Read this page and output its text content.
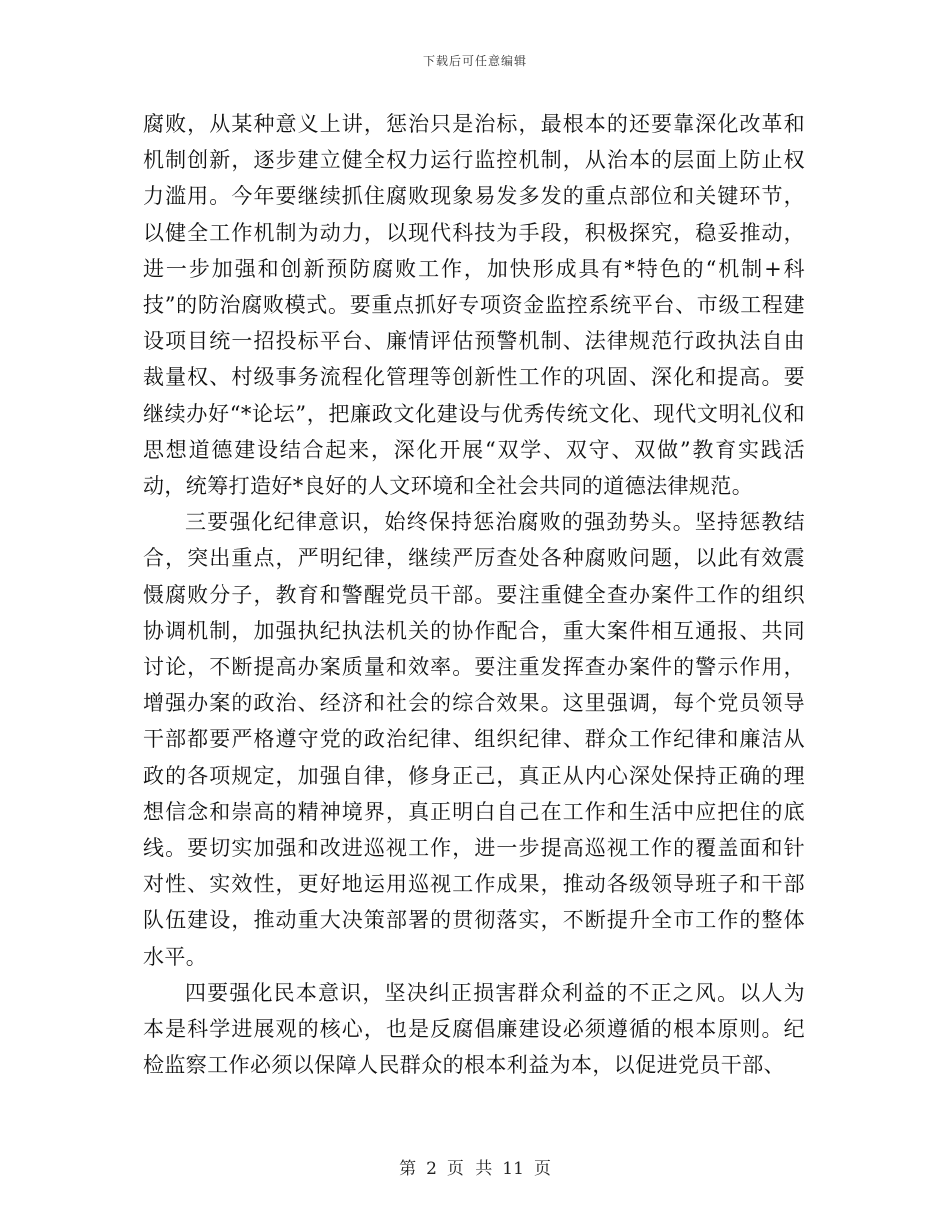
下载后可任意编辑

腐败，从某种意义上讲，惩治只是治标，最根本的还要靠深化改革和机制创新，逐步建立健全权力运行监控机制，从治本的层面上防止权力滥用。今年要继续抓住腐败现象易发多发的重点部位和关键环节，以健全工作机制为动力，以现代科技为手段，积极探究，稳妥推动，进一步加强和创新预防腐败工作，加快形成具有*特色的“机制+科技”的防治腐败模式。要重点抓好专项资金监控系统平台、市级工程建设项目统一招投标平台、廉情评估预警机制、法律规范行政执法自由裁量权、村级事务流程化管理等创新性工作的巩固、深化和提高。要继续办好“*论坛”，把廉政文化建设与优秀传统文化、现代文明礼仪和思想道德建设结合起来，深化开展“双学、双守、双做”教育实践活动，统筹打造好*良好的人文环境和全社会共同的道德法律规范。

三要强化纪律意识，始终保持惩治腐败的强劲势头。坚持惩教结合，突出重点，严明纪律，继续严厉查处各种腐败问题，以此有效震慑腐败分子，教育和警醒党员干部。要注重健全查办案件工作的组织协调机制，加强执纪执法机关的协作配合，重大案件相互通报、共同讨论，不断提高办案质量和效率。要注重发挥查办案件的警示作用，增强办案的政治、经济和社会的综合效果。这里强调，每个党员领导干部都要严格遵守党的政治纪律、组织纪律、群众工作纪律和廉洁从政的各项规定，加强自律，修身正己，真正从内心深处保持正确的理想信念和崇高的精神境界，真正明白自己在工作和生活中应把住的底线。要切实加强和改进巡视工作，进一步提高巡视工作的覆盖面和针对性、实效性，更好地运用巡视工作成果，推动各级领导班子和干部队伍建设，推动重大决策部署的贯彻落实，不断提升全市工作的整体水平。

四要强化民本意识，坚决纠正损害群众利益的不正之风。以人为本是科学进展观的核心，也是反腐倡廉建设必须遵循的根本原则。纪检监察工作必须以保障人民群众的根本利益为本，以促进党员干部、

第 2 页 共 11 页
